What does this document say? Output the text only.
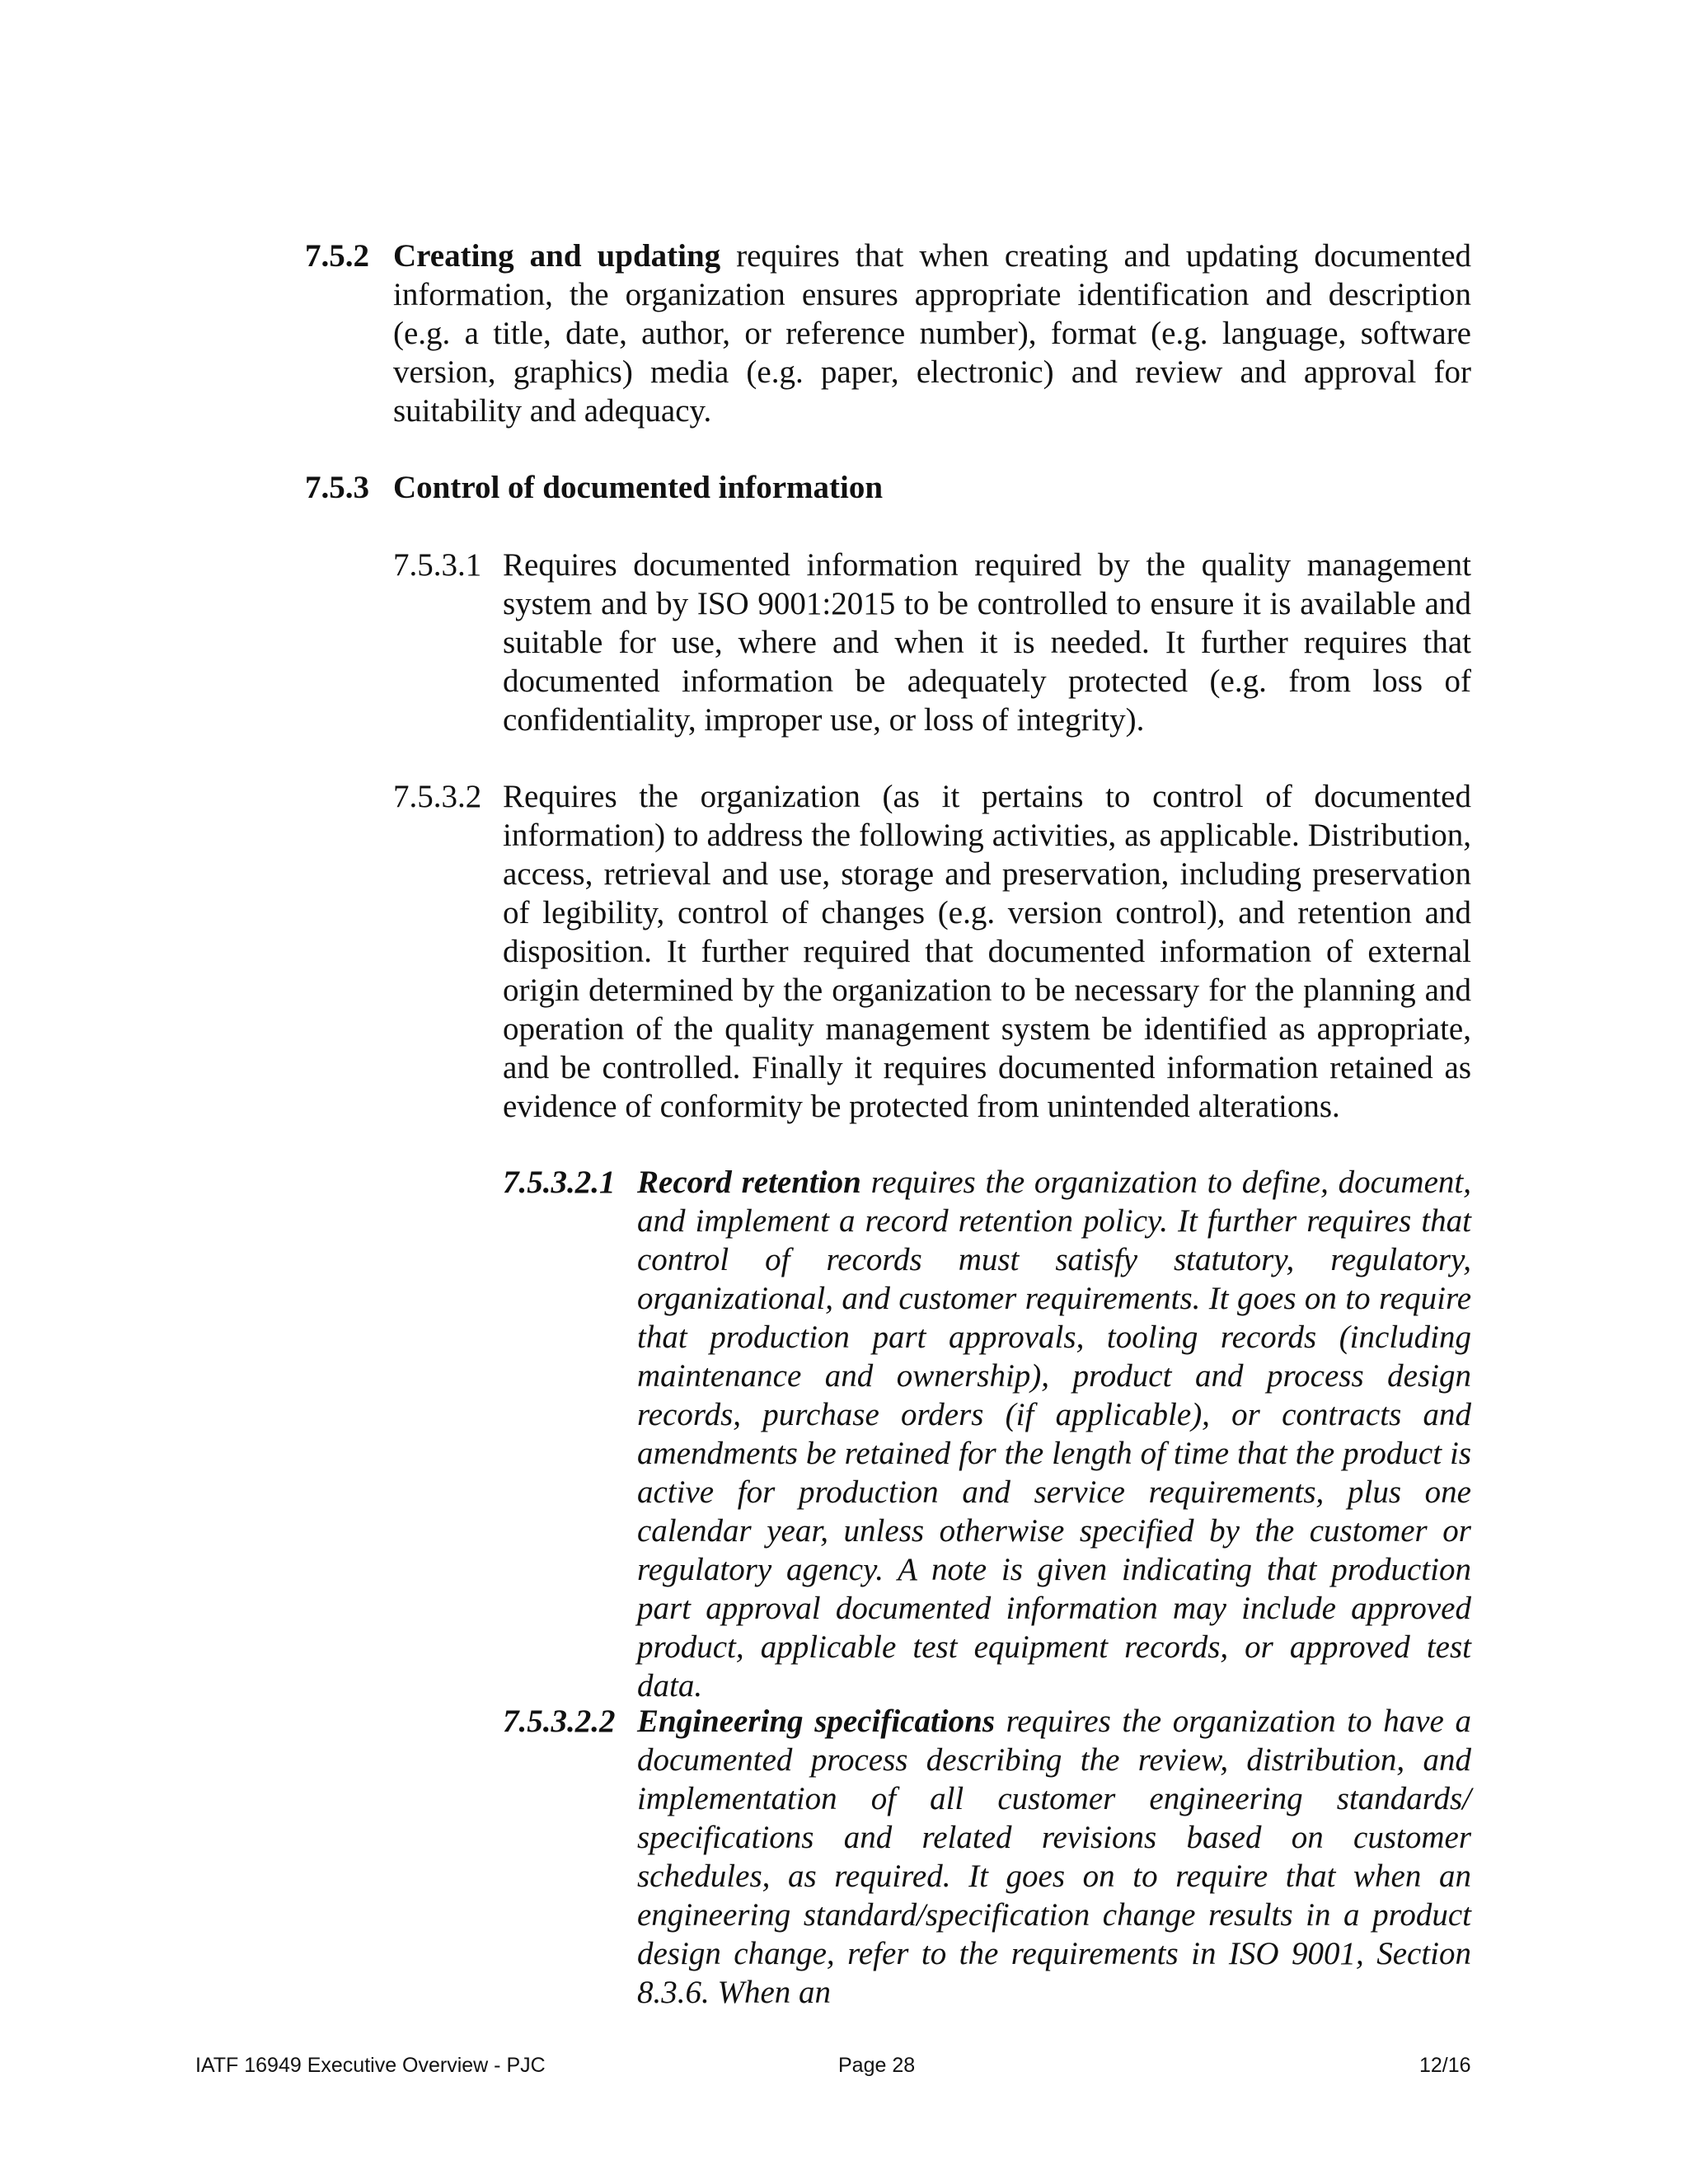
7.5.2 Creating and updating requires that when creating and updating documented information, the organization ensures appropriate identification and description (e.g. a title, date, author, or reference number), format (e.g. language, software version, graphics) media (e.g. paper, electronic) and review and approval for suitability and adequacy.
7.5.3 Control of documented information
7.5.3.1 Requires documented information required by the quality management system and by ISO 9001:2015 to be controlled to ensure it is available and suitable for use, where and when it is needed. It further requires that documented information be adequately protected (e.g. from loss of confidentiality, improper use, or loss of integrity).
7.5.3.2 Requires the organization (as it pertains to control of documented information) to address the following activities, as applicable. Distribution, access, retrieval and use, storage and preservation, including preservation of legibility, control of changes (e.g. version control), and retention and disposition. It further required that documented information of external origin determined by the organization to be necessary for the planning and operation of the quality management system be identified as appropriate, and be controlled. Finally it requires documented information retained as evidence of conformity be protected from unintended alterations.
7.5.3.2.1 Record retention requires the organization to define, document, and implement a record retention policy. It further requires that control of records must satisfy statutory, regulatory, organizational, and customer requirements. It goes on to require that production part approvals, tooling records (including maintenance and ownership), product and process design records, purchase orders (if applicable), or contracts and amendments be retained for the length of time that the product is active for production and service requirements, plus one calendar year, unless otherwise specified by the customer or regulatory agency. A note is given indicating that production part approval documented information may include approved product, applicable test equipment records, or approved test data.
7.5.3.2.2 Engineering specifications requires the organization to have a documented process describing the review, distribution, and implementation of all customer engineering standards/ specifications and related revisions based on customer schedules, as required. It goes on to require that when an engineering standard/specification change results in a product design change, refer to the requirements in ISO 9001, Section 8.3.6. When an
IATF 16949 Executive Overview - PJC	Page 28	12/16
